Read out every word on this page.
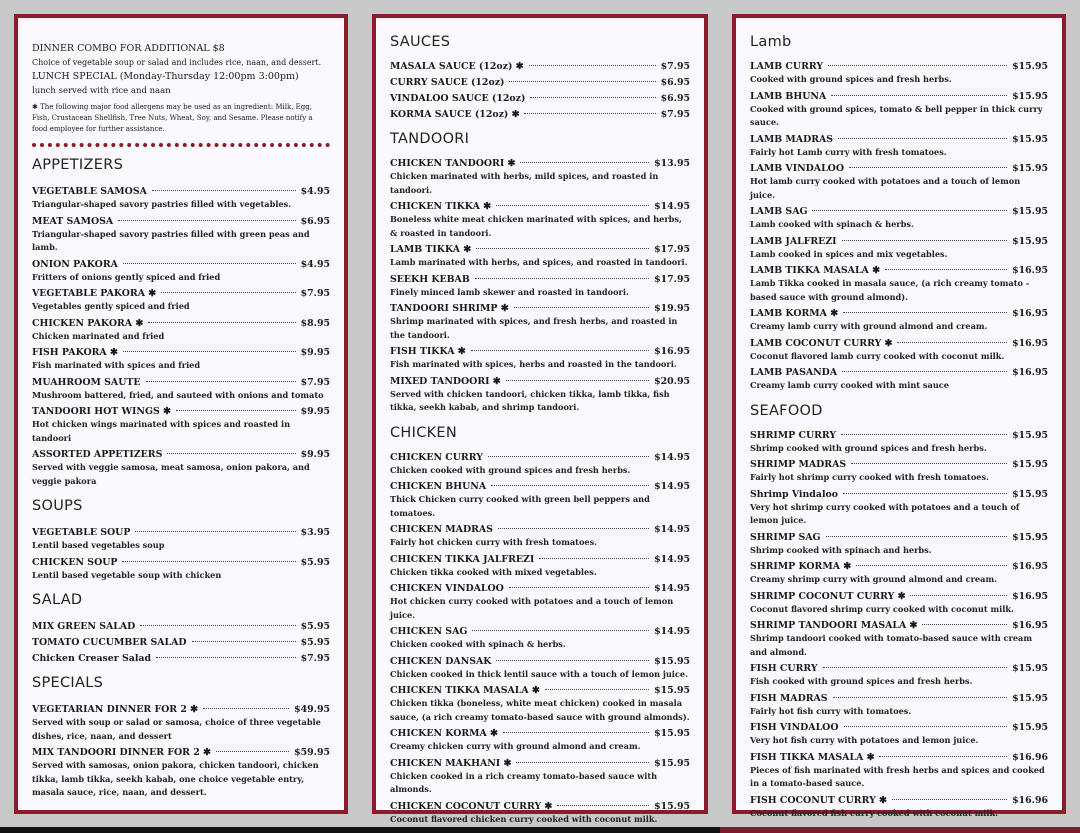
DINNER COMBO FOR ADDITIONAL $8
Choice of vegetable soup or salad and includes rice, naan, and dessert.
LUNCH SPECIAL (Monday-Thursday 12:00pm 3:00pm)
lunch served with rice and naan
✱ The following major food allergens may be used as an ingredient: Milk, Egg, Fish, Crustacean Shellfish, Tree Nuts, Wheat, Soy, and Sesame. Please notify a food employee for further assistance.
APPETIZERS
VEGETABLE SAMOSA	$4.95
Triangular-shaped savory pastries filled with vegetables.
MEAT SAMOSA	$6.95
Triangular-shaped savory pastries filled with green peas and lamb.
ONION PAKORA	$4.95
Fritters of onions gently spiced and fried
VEGETABLE PAKORA ✱	$7.95
Vegetables gently spiced and fried
CHICKEN PAKORA ✱	$8.95
Chicken marinated and fried
FISH PAKORA ✱	$9.95
Fish marinated with spices and fried
MUAHROOM SAUTE	$7.95
Mushroom battered, fried, and sauteed with onions and tomato
TANDOORI HOT WINGS ✱	$9.95
Hot chicken wings marinated with spices and roasted in tandoori
ASSORTED APPETIZERS	$9.95
Served with veggie samosa, meat samosa, onion pakora, and veggie pakora
SOUPS
VEGETABLE SOUP	$3.95
Lentil based vegetables soup
CHICKEN SOUP	$5.95
Lentil based vegetable soup with chicken
SALAD
MIX GREEN SALAD	$5.95
TOMATO CUCUMBER SALAD	$5.95
Chicken Creaser Salad	$7.95
SPECIALS
VEGETARIAN DINNER FOR 2 ✱	$49.95
Served with soup or salad or samosa, choice of three vegetable dishes, rice, naan, and dessert
MIX TANDOORI DINNER FOR 2 ✱	$59.95
Served with samosas, onion pakora, chicken tandoori, chicken tikka, lamb tikka, seekh kabab, one choice vegetable entry, masala sauce, rice, naan, and dessert.
SAUCES
MASALA SAUCE (12oz) ✱	$7.95
CURRY SAUCE (12oz)	$6.95
VINDALOO SAUCE (12oz)	$6.95
KORMA SAUCE (12oz) ✱	$7.95
TANDOORI
CHICKEN TANDOORI ✱	$13.95
Chicken marinated with herbs, mild spices, and roasted in tandoori.
CHICKEN TIKKA ✱	$14.95
Boneless white meat chicken marinated with spices, and herbs, & roasted in tandoori.
LAMB TIKKA ✱	$17.95
Lamb marinated with herbs, and spices, and roasted in tandoori.
SEEKH KEBAB	$17.95
Finely minced lamb skewer and roasted in tandoori.
TANDOORI SHRIMP ✱	$19.95
Shrimp marinated with spices, and fresh herbs, and roasted in the tandoori.
FISH TIKKA ✱	$16.95
Fish marinated with spices, herbs and roasted in the tandoori.
MIXED TANDOORI ✱	$20.95
Served with chicken tandoori, chicken tikka, lamb tikka, fish tikka, seekh kabab, and shrimp tandoori.
CHICKEN
CHICKEN CURRY	$14.95
Chicken cooked with ground spices and fresh herbs.
CHICKEN BHUNA	$14.95
Thick Chicken curry cooked with green bell peppers and tomatoes.
CHICKEN MADRAS	$14.95
Fairly hot chicken curry with fresh tomatoes.
CHICKEN TIKKA JALFREZI	$14.95
Chicken tikka cooked with mixed vegetables.
CHICKEN VINDALOO	$14.95
Hot chicken curry cooked with potatoes and a touch of lemon juice.
CHICKEN SAG	$14.95
Chicken cooked with spinach & herbs.
CHICKEN DANSAK	$15.95
Chicken cooked in thick lentil sauce with a touch of lemon juice.
CHICKEN TIKKA MASALA ✱	$15.95
Chicken tikka (boneless, white meat chicken) cooked in masala sauce, (a rich creamy tomato-based sauce with ground almonds).
CHICKEN KORMA ✱	$15.95
Creamy chicken curry with ground almond and cream.
CHICKEN MAKHANI ✱	$15.95
Chicken cooked in a rich creamy tomato-based sauce with almonds.
CHICKEN COCONUT CURRY ✱	$15.95
Coconut flavored chicken curry cooked with coconut milk.
Lamb
LAMB CURRY	$15.95
Cooked with ground spices and fresh herbs.
LAMB BHUNA	$15.95
Cooked with ground spices, tomato & bell pepper in thick curry sauce.
LAMB MADRAS	$15.95
Fairly hot Lamb curry with fresh tomatoes.
LAMB VINDALOO	$15.95
Hot lamb curry cooked with potatoes and a touch of lemon juice.
LAMB SAG	$15.95
Lamb cooked with spinach & herbs.
LAMB JALFREZI	$15.95
Lamb cooked in spices and mix vegetables.
LAMB TIKKA MASALA ✱	$16.95
Lamb Tikka cooked in masala sauce, (a rich creamy tomato -based sauce with ground almond).
LAMB KORMA ✱	$16.95
Creamy lamb curry with ground almond and cream.
LAMB COCONUT CURRY ✱	$16.95
Coconut flavored lamb curry cooked with coconut milk.
LAMB PASANDA	$16.95
Creamy lamb curry cooked with mint sauce
SEAFOOD
SHRIMP CURRY	$15.95
Shrimp cooked with ground spices and fresh herbs.
SHRIMP MADRAS	$15.95
Fairly hot shrimp curry cooked with fresh tomatoes.
Shrimp Vindaloo	$15.95
Very hot shrimp curry cooked with potatoes and a touch of lemon juice.
SHRIMP SAG	$15.95
Shrimp cooked with spinach and herbs.
SHRIMP KORMA ✱	$16.95
Creamy shrimp curry with ground almond and cream.
SHRIMP COCONUT CURRY ✱	$16.95
Coconut flavored shrimp curry cooked with coconut milk.
SHRIMP TANDOORI MASALA ✱	$16.95
Shrimp tandoori cooked with tomato-based sauce with cream and almond.
FISH CURRY	$15.95
Fish cooked with ground spices and fresh herbs.
FISH MADRAS	$15.95
Fairly hot fish curry with tomatoes.
FISH VINDALOO	$15.95
Very hot fish curry with potatoes and lemon juice.
FISH TIKKA MASALA ✱	$16.96
Pieces of fish marinated with fresh herbs and spices and cooked in a tomato-based sauce.
FISH COCONUT CURRY ✱	$16.96
Coconut flavored fish curry cooked with coconut milk.
